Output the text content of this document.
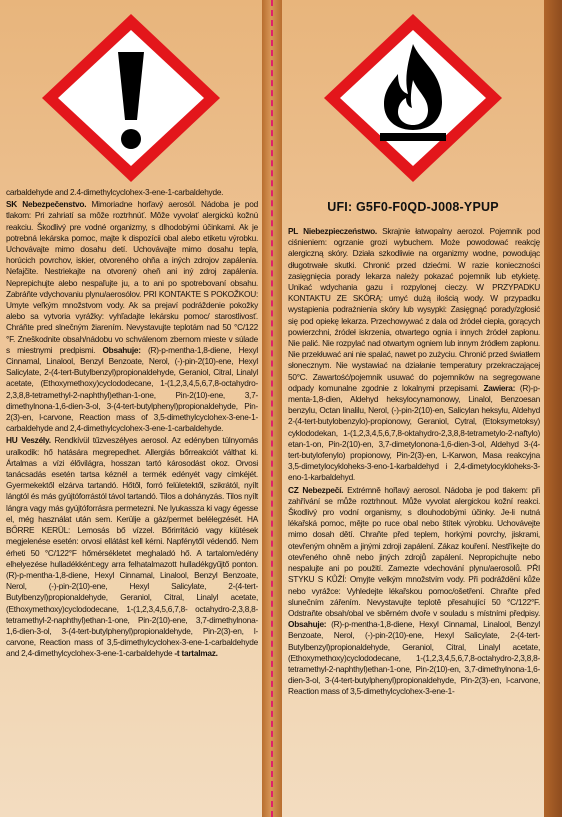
carbaldehyde and 2.4-dimethylcyclohex-3-ene-1-carbaldehyde.

SK Nebezpečenstvo. Mimoriadne horľavý aerosól. Nádoba je pod tlakom: Pri zahriatí sa môže roztrhnúť. Môže vyvolať alergickú kožnú reakciu. Škodlivý pre vodné organizmy, s dlhodobými účinkami. Ak je potrebná lekárska pomoc, majte k dispozícii obal alebo etiketu výrobku. Uchovávajte mimo dosahu detí. Uchovávajte mimo dosahu tepla, horúcich povrchov, iskier, otvoreného ohňa a iných zdrojov zapálenia. Nefajčite. Nestriekajte na otvorený oheň ani iný zdroj zapálenia. Neprepichujte alebo nespaľujte ju, a to ani po spotrebovaní obsahu. Zabráňte vdychovaniu plynu/aerosólov. PRI KONTAKTE S POKOŽKOU: Umyte veľkým množstvom vody. Ak sa prejaví podráždenie pokožky alebo sa vytvoria vyrážky: vyhľadajte lekársku pomoc/ starostlivosť. Chráňte pred slnečným žiarením. Nevystavujte teplotám nad 50 °C/122 °F. Zneškodnite obsah/nádobu vo schválenom zbernom mieste v súlade s miestnymi predpismi. Obsahuje: (R)-p-mentha-1,8-diene, Hexyl Cinnamal, Linalool, Benzyl Benzoate, Nerol, (-)-pin-2(10)-ene, Hexyl Salicylate, 2-(4-tert-Butylbenzyl)propionaldehyde, Geraniol, Citral, Linalyl acetate, (Ethoxymethoxy)cyclododecane, 1-(1,2,3,4,5,6,7,8-octahydro-2,3,8,8-tetramethyl-2-naphthyl)ethan-1-one, Pin-2(10)-ene, 3,7-dimethylnona-1,6-dien-3-ol, 3-(4-tert-butylphenyl)propionaldehyde, Pin-2(3)-en, l-carvone, Reaction mass of 3,5-dimethylcyclohex-3-ene-1-carbaldehyde and 2,4-dimethylcyclohex-3-ene-1-carbaldehyde.

HU Veszély. Rendkívül tűzveszélyes aerosol. Az edényben túlnyomás uralkodik: hő hatására megrepedhet. Allergiás bőrreakciót válthat ki. Ártalmas a vízi élővilágra, hosszan tartó károsodást okoz. Orvosi tanácsadás esetén tartsa kéznél a termék edényét vagy címkéjét. Gyermekektől elzárva tartandó. Hőtől, forró felületektől, szikrától, nyílt lángtól és más gyújtóforrástól távol tartandó. Tilos a dohányzás. Tilos nyílt lángra vagy más gyújtóforrásra permetezni. Ne lyukassza ki vagy égesse el, még használat után sem. Kerülje a gáz/permet belélegzését. HA BŐRRE KERÜL: Lemosás bő vízzel. Bőrirritáció vagy kiütések megjelenése esetén: orvosi ellátást kell kérni. Napfénytől védendő. Nem érheti 50 °C/122°F hőmérsékletet meghaladó hő. A tartalom/edény elhelyezése hulladékként:egy arra felhatalmazott hulladékgyűjtő ponton. (R)-p-mentha-1,8-diene, Hexyl Cinnamal, Linalool, Benzyl Benzoate, Nerol, (-)-pin-2(10)-ene, Hexyl Salicylate, 2-(4-tert-Butylbenzyl)propionaldehyde, Geraniol, Citral, Linalyl acetate, (Ethoxymethoxy)cyclododecane, 1-(1,2,3,4,5,6,7,8- octahydro-2,3,8,8-tetramethyl-2-naphthyl)ethan-1-one, Pin-2(10)-ene, 3,7-dimethylnona-1,6-dien-3-ol, 3-(4-tert-butylphenyl)propionaldehyde, Pin-2(3)-en, l-carvone, Reaction mass of 3,5-dimethylcyclohex-3-ene-1-carbaldehyde and 2,4-dimethylcyclohex-3-ene-1-carbaldehyde -t tartalmaz.

UFI: G5F0-F0QD-J008-YPUP

PL Niebezpieczeństwo. Skrajnie łatwopalny aerozol. Pojemnik pod ciśnieniem: ogrzanie grozi wybuchem. Może powodować reakcję alergiczną skóry. Działa szkodliwie na organizmy wodne, powodując długotrwałe skutki. Chronić przed dziećmi. W razie konieczności zasięgnięcia porady lekarza należy pokazać pojemnik lub etykietę. Unikać wdychania gazu i rozpylonej cieczy. W PRZYPADKU KONTAKTU ZE SKÓRĄ: umyć dużą ilością wody. W przypadku wystąpienia podrażnienia skóry lub wysypki: Zasięgnąć porady/zgłosić się pod opiekę lekarza. Przechowywać z dala od źródeł ciepła, gorących powierzchni, źródeł iskrzenia, otwartego ognia i innych źródeł zapłonu. Nie palić. Nie rozpylać nad otwartym ogniem lub innym źródłem zapłonu. Nie przekłuwać ani nie spalać, nawet po zużyciu. Chronić przed światłem słonecznym. Nie wystawiać na działanie temperatury przekraczającej 50°C. Zawartość/pojemnik usuwać do pojemników na segregowane odpady komunalne zgodnie z lokalnymi przepisami. Zawiera: (R)-p-menta-1,8-dien, Aldehyd heksylocynamonowy, Linalol, Benzoesan benzylu, Octan linalilu, Nerol, (-)-pin-2(10)-en, Salicylan heksylu, Aldehyd 2-(4-tert-butylobenzylo)-propionowy, Geraniol, Cytral, (Etoksymetoksy) cyklododekan, 1-(1,2,3,4,5,6,7,8-oktahydro-2,3,8,8-tetrametylo-2-naftylo) etan-1-on, Pin-2(10)-en, 3,7-dimetylonona-1,6-dien-3-ol, Aldehyd 3-(4-tert-butylofenylo) propionowy, Pin-2(3)-en, L-Karwon, Masa reakcyjna 3,5-dimetylocykloheks-3-eno-1-karbaldehyd i 2,4-dimetylocykloheks-3-eno-1-karbaldehyd.

CZ Nebezpečí. Extrémně hořlavý aerosol. Nádoba je pod tlakem: při zahřívání se může roztrhnout. Může vyvolat alergickou kožní reakci. Škodlivý pro vodní organismy, s dlouhodobými účinky. Je-li nutná lékařská pomoc, mějte po ruce obal nebo štítek výrobku. Uchovávejte mimo dosah dětí. Chraňte před teplem, horkými povrchy, jiskrami, otevřeným ohněm a jinými zdroji zapálení. Zákaz kouření. Nestříkejte do otevřeného ohně nebo jiných zdrojů zapálení. Nepropichujte nebo nespalujte ani po použití. Zamezte vdechování plynu/aerosolů. PŘI STYKU S KŮŽÍ: Omyjte velkým množstvím vody. Při podráždění kůže nebo vyrážce: Vyhledejte lékařskou pomoc/ošetření. Chraňte před slunečním zářením. Nevystavujte teplotě přesahující 50 °C/122°F. Odstraňte obsah/obal ve sběrném dvoře v souladu s místními předpisy. Obsahuje: (R)-p-mentha-1,8-diene, Hexyl Cinnamal, Linalool, Benzyl Benzoate, Nerol, (-)-pin-2(10)-ene, Hexyl Salicylate, 2-(4-tert-Butylbenzyl)propionaldehyde, Geraniol, Citral, Linalyl acetate, (Ethoxymethoxy)cyclododecane, 1-(1,2,3,4,5,6,7,8-octahydro-2,3,8,8-tetramethyl-2-naphthyl)ethan-1-one, Pin-2(10)-en, 3,7-dimethylnona-1,6-dien-3-ol, 3-(4-tert-butylphenyl)propionaldehyde, Pin-2(3)-en, l-carvone, Reaction mass of 3,5-dimethylcyclohex-3-ene-1-
